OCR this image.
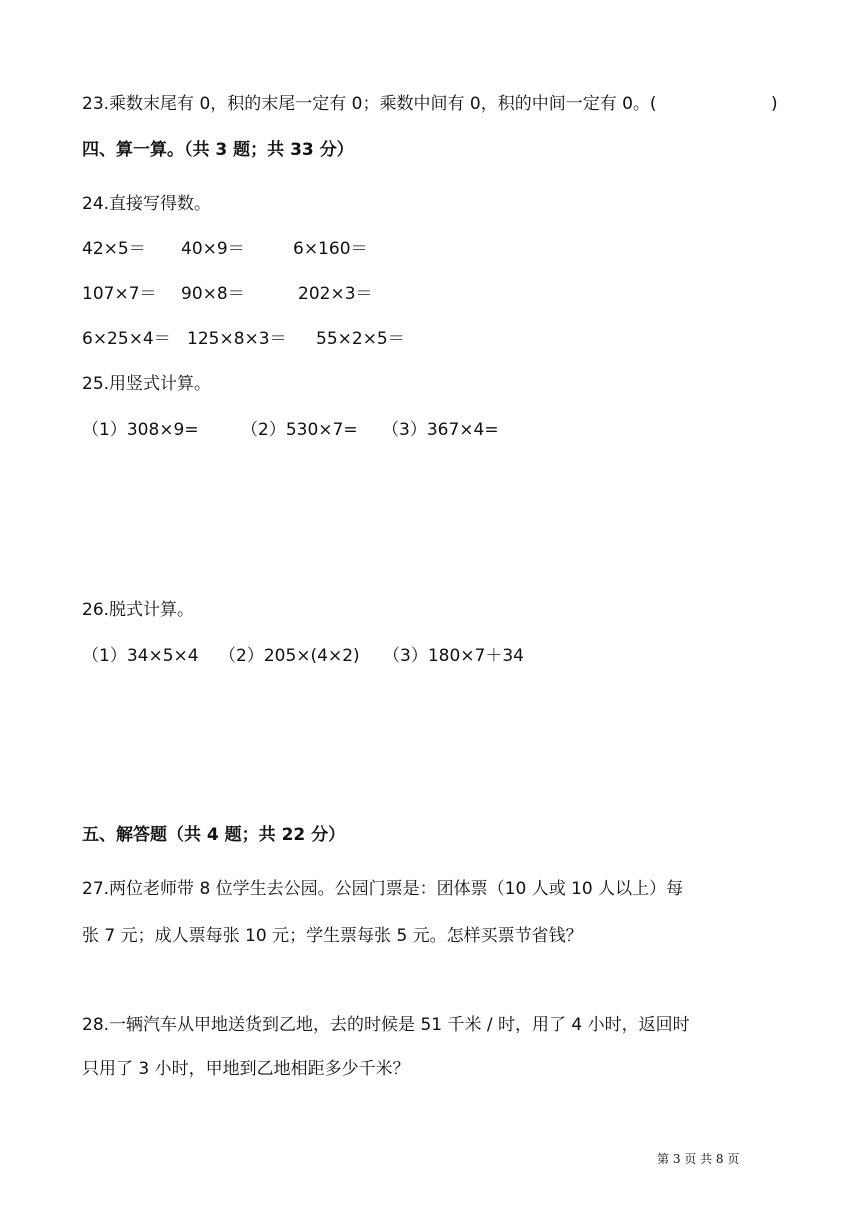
23.乘数末尾有 0，积的末尾一定有 0；乘数中间有 0，积的中间一定有 0。(	)
四、算一算。（共 3 题；共 33 分）
24.直接写得数。
42×5＝ 40×9＝	6×160＝
107×7＝ 90×8＝	202×3＝
6×25×4＝ 125×8×3＝ 55×2×5＝
25.用竖式计算。
（1）308×9= （2）530×7= （3）367×4=
26.脱式计算。
（1）34×5×4 （2）205×(4×2) （3）180×7＋34
五、解答题（共 4 题；共 22 分）
27.两位老师带 8 位学生去公园。公园门票是：团体票（10 人或 10 人以上）每
张 7 元；成人票每张 10 元；学生票每张 5 元。怎样买票节省钱？
28.一辆汽车从甲地送货到乙地，去的时候是 51 千米 / 时，用了 4 小时，返回时
只用了 3 小时，甲地到乙地相距多少千米？
第 3 页 共 8 页
